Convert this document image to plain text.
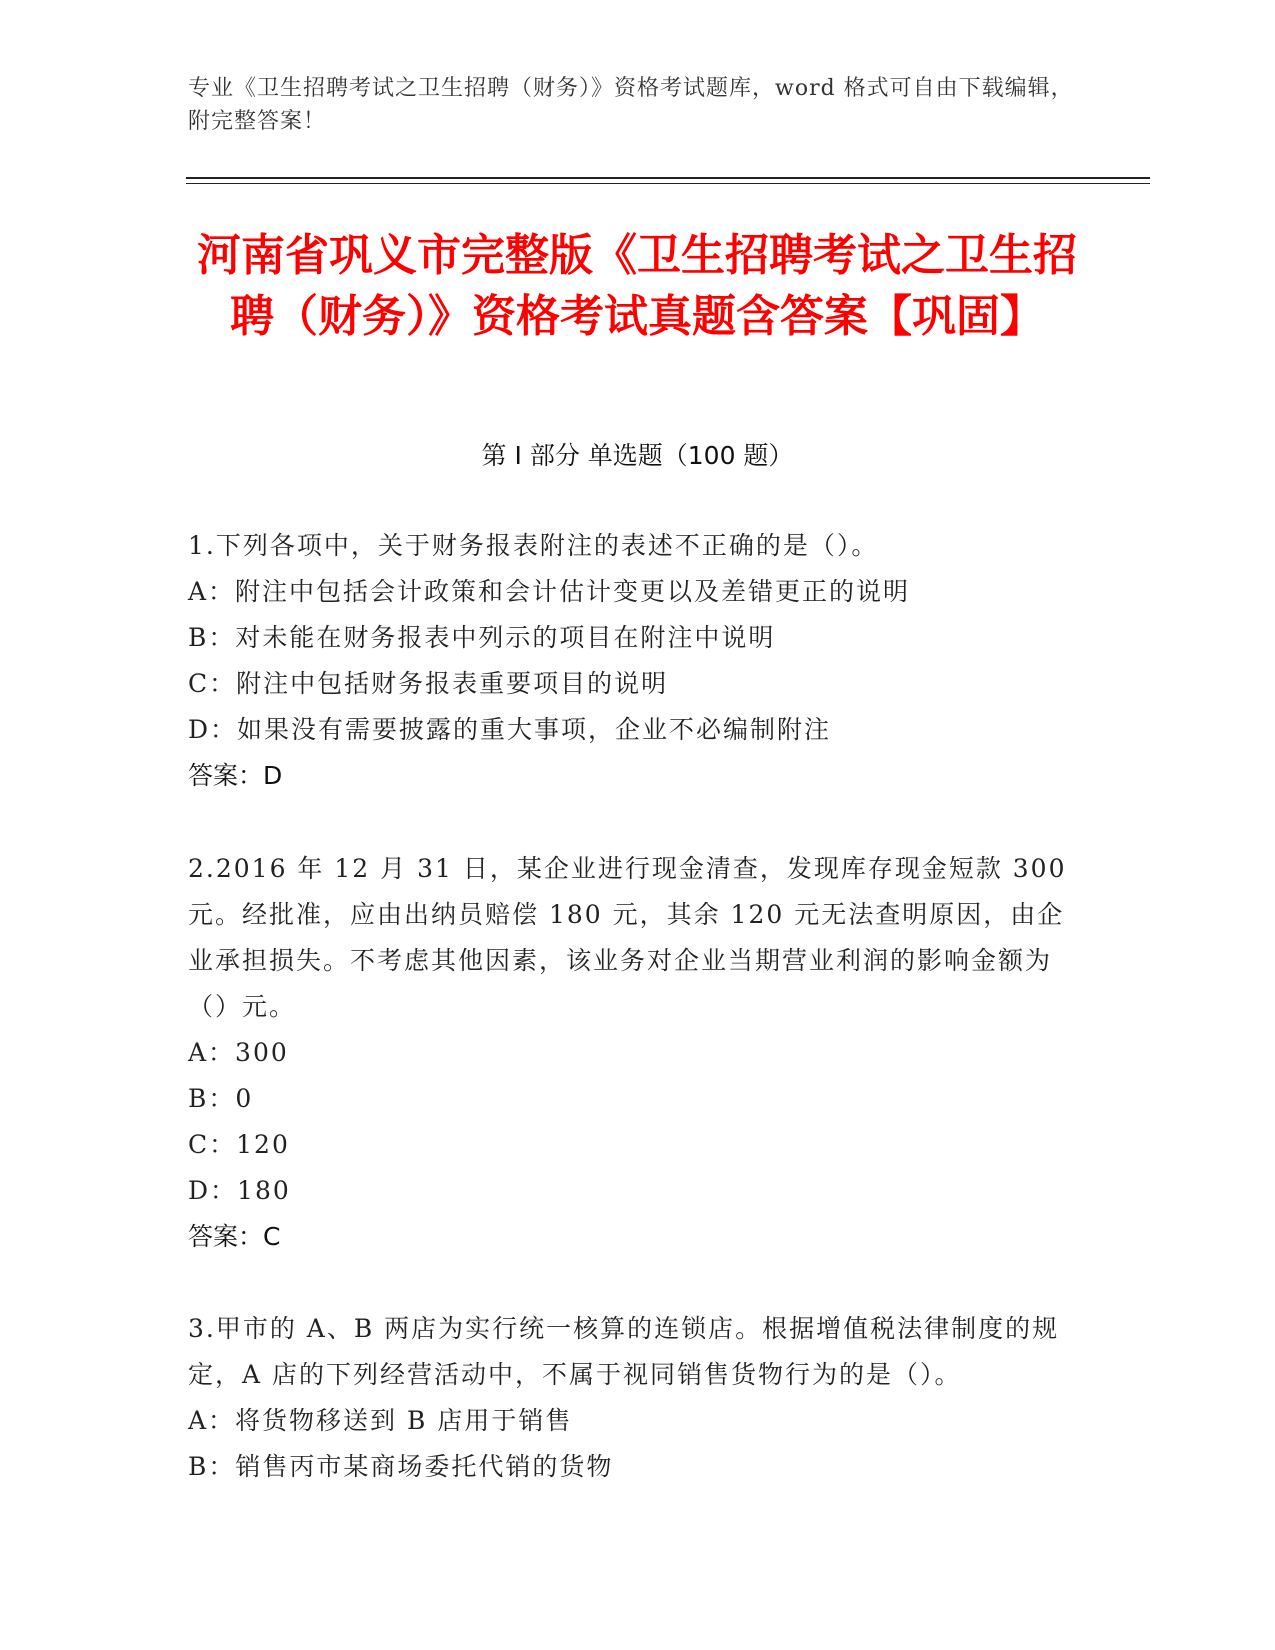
专业《卫生招聘考试之卫生招聘（财务）》资格考试题库，word 格式可自由下载编辑，附完整答案！
河南省巩义市完整版《卫生招聘考试之卫生招聘（财务）》资格考试真题含答案【巩固】
第 I 部分 单选题（100 题）
1.下列各项中，关于财务报表附注的表述不正确的是（）。
A：附注中包括会计政策和会计估计变更以及差错更正的说明
B：对未能在财务报表中列示的项目在附注中说明
C：附注中包括财务报表重要项目的说明
D：如果没有需要披露的重大事项，企业不必编制附注
答案：D
2.2016 年 12 月 31 日，某企业进行现金清查，发现库存现金短款 300 元。经批准，应由出纳员赔偿 180 元，其余 120 元无法查明原因，由企业承担损失。不考虑其他因素，该业务对企业当期营业利润的影响金额为（）元。
A：300
B：0
C：120
D：180
答案：C
3.甲市的 A、B 两店为实行统一核算的连锁店。根据增值税法律制度的规定，A 店的下列经营活动中，不属于视同销售货物行为的是（）。
A：将货物移送到 B 店用于销售
B：销售丙市某商场委托代销的货物
